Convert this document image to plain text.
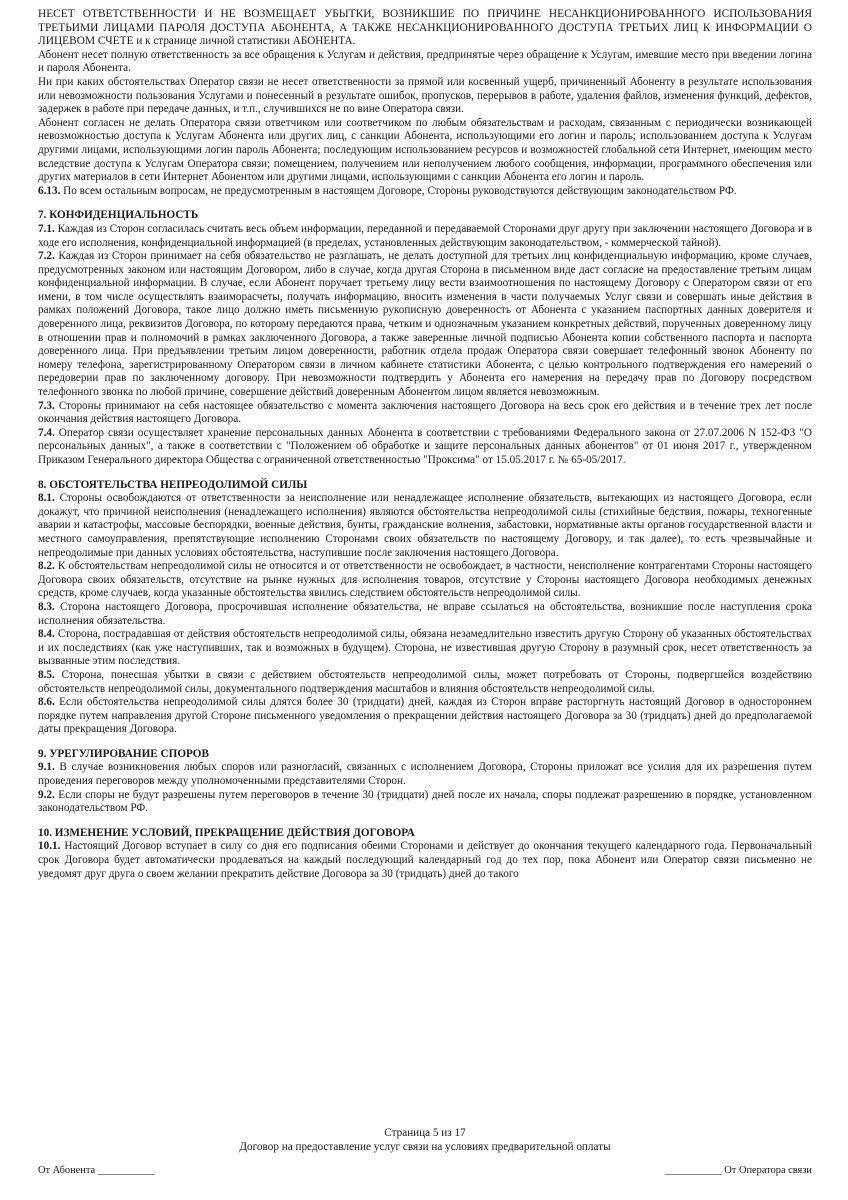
НЕСЕТ ОТВЕТСТВЕННОСТИ И НЕ ВОЗМЕЩАЕТ УБЫТКИ, ВОЗНИКШИЕ ПО ПРИЧИНЕ НЕСАНКЦИОНИРОВАННОГО ИСПОЛЬЗОВАНИЯ ТРЕТЬИМИ ЛИЦАМИ ПАРОЛЯ ДОСТУПА АБОНЕНТА, А ТАКЖЕ НЕСАНКЦИОНИРОВАННОГО ДОСТУПА ТРЕТЬИХ ЛИЦ К ИНФОРМАЦИИ О ЛИЦЕВОМ СЧЕТЕ и к странице личной статистики АБОНЕНТА.

Абонент несет полную ответственность за все обращения к Услугам и действия, предпринятые через обращение к Услугам, имевшие место при введении логина и пароля Абонента.

Ни при каких обстоятельствах Оператор связи не несет ответственности за прямой или косвенный ущерб, причиненный Абоненту в результате использования или невозможности пользования Услугами и понесенный в результате ошибок, пропусков, перерывов в работе, удаления файлов, изменения функций, дефектов, задержек в работе при передаче данных, и т.п., случившихся не по вине Оператора связи.

Абонент согласен не делать Оператора связи ответчиком или соответчиком по любым обязательствам и расходам, связанным с периодически возникающей невозможностью доступа к Услугам Абонента или других лиц, с санкции Абонента, использующими его логин и пароль; использованием доступа к Услугам другими лицами, использующими логин пароль Абонента; последующим использованием ресурсов и возможностей глобальной сети Интернет, имеющим место вследствие доступа к Услугам Оператора связи; помещением, получением или неполучением любого сообщения, информации, программного обеспечения или других материалов в сети Интернет Абонентом или другими лицами, использующими с санкции Абонента его логин и пароль.

6.13. По всем остальным вопросам, не предусмотренным в настоящем Договоре, Стороны руководствуются действующим законодательством РФ.

7. КОНФИДЕНЦИАЛЬНОСТЬ

7.1. Каждая из Сторон согласилась считать весь объем информации, переданной и передаваемой Сторонами друг другу при заключении настоящего Договора и в ходе его исполнения, конфиденциальной информацией (в пределах, установленных действующим законодательством, - коммерческой тайной).

7.2. Каждая из Сторон принимает на себя обязательство не разглашать, не делать доступной для третьих лиц конфиденциальную информацию, кроме случаев, предусмотренных законом или настоящим Договором, либо в случае, когда другая Сторона в письменном виде даст согласие на предоставление третьим лицам конфиденциальной информации. В случае, если Абонент поручает третьему лицу вести взаимоотношения по настоящему Договору с Оператором связи от его имени, в том числе осуществлять взаиморасчеты, получать информацию, вносить изменения в части получаемых Услуг связи и совершать иные действия в рамках положений Договора, такое лицо должно иметь письменную рукописную доверенность от Абонента с указанием паспортных данных доверителя и доверенного лица, реквизитов Договора, по которому передаются права, четким и однозначным указанием конкретных действий, порученных доверенному лицу в отношении прав и полномочий в рамках заключенного Договора, а также заверенные личной подписью Абонента копии собственного паспорта и паспорта доверенного лица. При предъявлении третьим лицом доверенности, работник отдела продаж Оператора связи совершает телефонный звонок Абоненту по номеру телефона, зарегистрированному Оператором связи в личном кабинете статистики Абонента, с целью контрольного подтверждения его намерений о передоверии прав по заключенному договору. При невозможности подтвердить у Абонента его намерения на передачу прав по Договору посредством телефонного звонка по любой причине, совершение действий доверенным Абонентом лицом является невозможным.

7.3. Стороны принимают на себя настоящее обязательство с момента заключения настоящего Договора на весь срок его действия и в течение трех лет после окончания действия настоящего Договора.

7.4. Оператор связи осуществляет хранение персональных данных Абонента в соответствии с требованиями Федерального закона от 27.07.2006 N 152-ФЗ "О персональных данных", а также в соответствии с "Положением об обработке и защите персональных данных абонентов" от 01 июня 2017 г., утвержденном Приказом Генерального директора Общества с ограниченной ответственностью "Проксима" от 15.05.2017 г. № 65-05/2017.

8. ОБСТОЯТЕЛЬСТВА НЕПРЕОДОЛИМОЙ СИЛЫ

8.1. Стороны освобождаются от ответственности за неисполнение или ненадлежащее исполнение обязательств, вытекающих из настоящего Договора, если докажут, что причиной неисполнения (ненадлежащего исполнения) являются обстоятельства непреодолимой силы (стихийные бедствия, пожары, техногенные аварии и катастрофы, массовые беспорядки, военные действия, бунты, гражданские волнения, забастовки, нормативные акты органов государственной власти и местного самоуправления, препятствующие исполнению Сторонами своих обязательств по настоящему Договору, и так далее), то есть чрезвычайные и непреодолимые при данных условиях обстоятельства, наступившие после заключения настоящего Договора.

8.2. К обстоятельствам непреодолимой силы не относится и от ответственности не освобождает, в частности, неисполнение контрагентами Стороны настоящего Договора своих обязательств, отсутствие на рынке нужных для исполнения товаров, отсутствие у Стороны настоящего Договора необходимых денежных средств, кроме случаев, когда указанные обстоятельства явились следствием обстоятельств непреодолимой силы.

8.3. Сторона настоящего Договора, просрочившая исполнение обязательства, не вправе ссылаться на обстоятельства, возникшие после наступления срока исполнения обязательства.

8.4. Сторона, пострадавшая от действия обстоятельств непреодолимой силы, обязана незамедлительно известить другую Сторону об указанных обстоятельствах и их последствиях (как уже наступивших, так и возможных в будущем). Сторона, не известившая другую Сторону в разумный срок, несет ответственность за вызванные этим последствия.

8.5. Сторона, понесшая убытки в связи с действием обстоятельств непреодолимой силы, может потребовать от Стороны, подвергшейся воздействию обстоятельств непреодолимой силы, документального подтверждения масштабов и влияния обстоятельств непреодолимой силы.

8.6. Если обстоятельства непреодолимой силы длятся более 30 (тридцати) дней, каждая из Сторон вправе расторгнуть настоящий Договор в одностороннем порядке путем направления другой Стороне письменного уведомления о прекращении действия настоящего Договора за 30 (тридцать) дней до предполагаемой даты прекращения Договора.

9. УРЕГУЛИРОВАНИЕ СПОРОВ

9.1. В случае возникновения любых споров или разногласий, связанных с исполнением Договора, Стороны приложат все усилия для их разрешения путем проведения переговоров между уполномоченными представителями Сторон.

9.2. Если споры не будут разрешены путем переговоров в течение 30 (тридцати) дней после их начала, споры подлежат разрешению в порядке, установленном законодательством РФ.

10. ИЗМЕНЕНИЕ УСЛОВИЙ, ПРЕКРАЩЕНИЕ ДЕЙСТВИЯ ДОГОВОРА

10.1. Настоящий Договор вступает в силу со дня его подписания обеими Сторонами и действует до окончания текущего календарного года. Первоначальный срок Договора будет автоматически продлеваться на каждый последующий календарный год до тех пор, пока Абонент или Оператор связи письменно не уведомят друг друга о своем желании прекратить действие Договора за 30 (тридцать) дней до такого

Страница 5 из 17
Договор на предоставление услуг связи на условиях предварительной оплаты
От Абонента ___________	___________ От Оператора связи
